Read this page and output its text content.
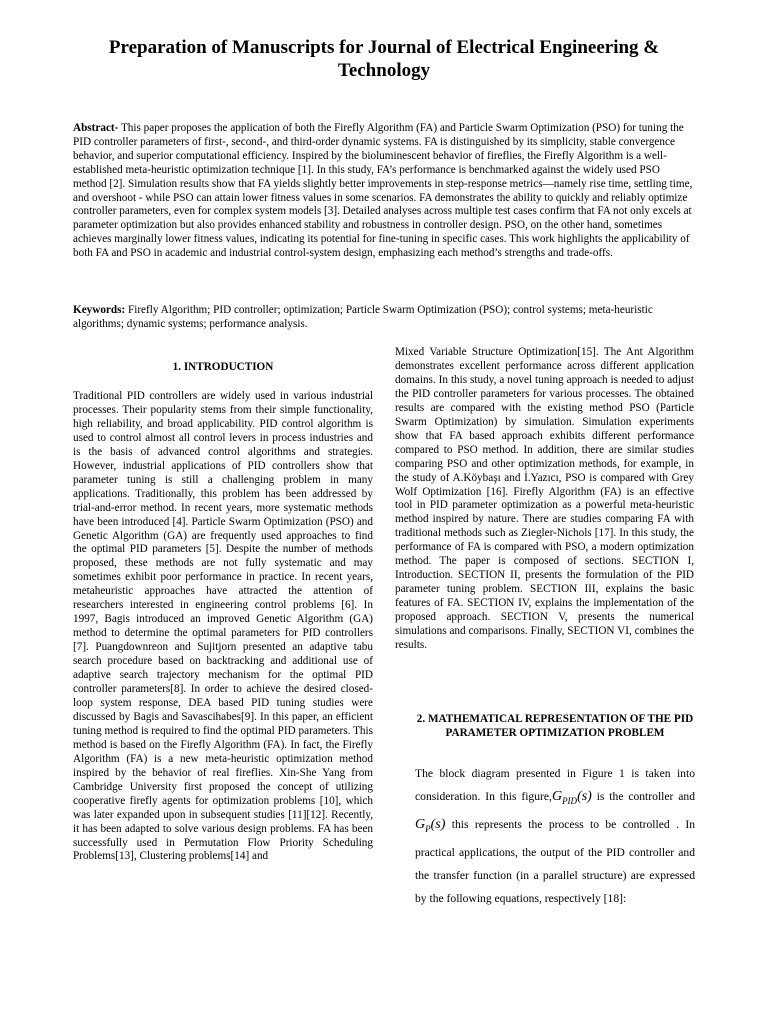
Preparation of Manuscripts for Journal of Electrical Engineering & Technology
Abstract- This paper proposes the application of both the Firefly Algorithm (FA) and Particle Swarm Optimization (PSO) for tuning the PID controller parameters of first-, second-, and third-order dynamic systems. FA is distinguished by its simplicity, stable convergence behavior, and superior computational efficiency. Inspired by the bioluminescent behavior of fireflies, the Firefly Algorithm is a well-established meta-heuristic optimization technique [1]. In this study, FA’s performance is benchmarked against the widely used PSO method [2]. Simulation results show that FA yields slightly better improvements in step-response metrics—namely rise time, settling time, and overshoot - while PSO can attain lower fitness values in some scenarios. FA demonstrates the ability to quickly and reliably optimize controller parameters, even for complex system models [3]. Detailed analyses across multiple test cases confirm that FA not only excels at parameter optimization but also provides enhanced stability and robustness in controller design. PSO, on the other hand, sometimes achieves marginally lower fitness values, indicating its potential for fine-tuning in specific cases. This work highlights the applicability of both FA and PSO in academic and industrial control-system design, emphasizing each method’s strengths and trade-offs.
Keywords: Firefly Algorithm; PID controller; optimization; Particle Swarm Optimization (PSO); control systems; meta-heuristic algorithms; dynamic systems; performance analysis.
1. INTRODUCTION
Traditional PID controllers are widely used in various industrial processes. Their popularity stems from their simple functionality, high reliability, and broad applicability. PID control algorithm is used to control almost all control levers in process industries and is the basis of advanced control algorithms and strategies. However, industrial applications of PID controllers show that parameter tuning is still a challenging problem in many applications. Traditionally, this problem has been addressed by trial-and-error method. In recent years, more systematic methods have been introduced [4]. Particle Swarm Optimization (PSO) and Genetic Algorithm (GA) are frequently used approaches to find the optimal PID parameters [5]. Despite the number of methods proposed, these methods are not fully systematic and may sometimes exhibit poor performance in practice. In recent years, metaheuristic approaches have attracted the attention of researchers interested in engineering control problems [6]. In 1997, Bagis introduced an improved Genetic Algorithm (GA) method to determine the optimal parameters for PID controllers [7]. Puangdownreon and Sujitjorn presented an adaptive tabu search procedure based on backtracking and additional use of adaptive search trajectory mechanism for the optimal PID controller parameters[8]. In order to achieve the desired closed-loop system response, DEA based PID tuning studies were discussed by Bagis and Savascihabes[9]. In this paper, an efficient tuning method is required to find the optimal PID parameters. This method is based on the Firefly Algorithm (FA). In fact, the Firefly Algorithm (FA) is a new meta-heuristic optimization method inspired by the behavior of real fireflies. Xin-She Yang from Cambridge University first proposed the concept of utilizing cooperative firefly agents for optimization problems [10], which was later expanded upon in subsequent studies [11][12]. Recently, it has been adapted to solve various design problems. FA has been successfully used in Permutation Flow Priority Scheduling Problems[13], Clustering problems[14] and
Mixed Variable Structure Optimization[15]. The Ant Algorithm demonstrates excellent performance across different application domains. In this study, a novel tuning approach is needed to adjust the PID controller parameters for various processes. The obtained results are compared with the existing method PSO (Particle Swarm Optimization) by simulation. Simulation experiments show that FA based approach exhibits different performance compared to PSO method. In addition, there are similar studies comparing PSO and other optimization methods, for example, in the study of A.Köybaşı and İ.Yazıcı, PSO is compared with Grey Wolf Optimization [16]. Firefly Algorithm (FA) is an effective tool in PID parameter optimization as a powerful meta-heuristic method inspired by nature. There are studies comparing FA with traditional methods such as Ziegler-Nichols [17]. In this study, the performance of FA is compared with PSO, a modern optimization method. The paper is composed of sections. SECTION I, Introduction. SECTION II, presents the formulation of the PID parameter tuning problem. SECTION III, explains the basic features of FA. SECTION IV, explains the implementation of the proposed approach. SECTION V, presents the numerical simulations and comparisons. Finally, SECTION VI, combines the results.
2. MATHEMATICAL REPRESENTATION OF THE PID PARAMETER OPTIMIZATION PROBLEM
The block diagram presented in Figure 1 is taken into consideration. In this $figure,G_{PID}(s)$ is the controller and $G_P(s)$ this represents the process to be controlled . In practical applications, the output of the PID controller and the transfer function (in a parallel structure) are expressed by the following equations, respectively [18]:
